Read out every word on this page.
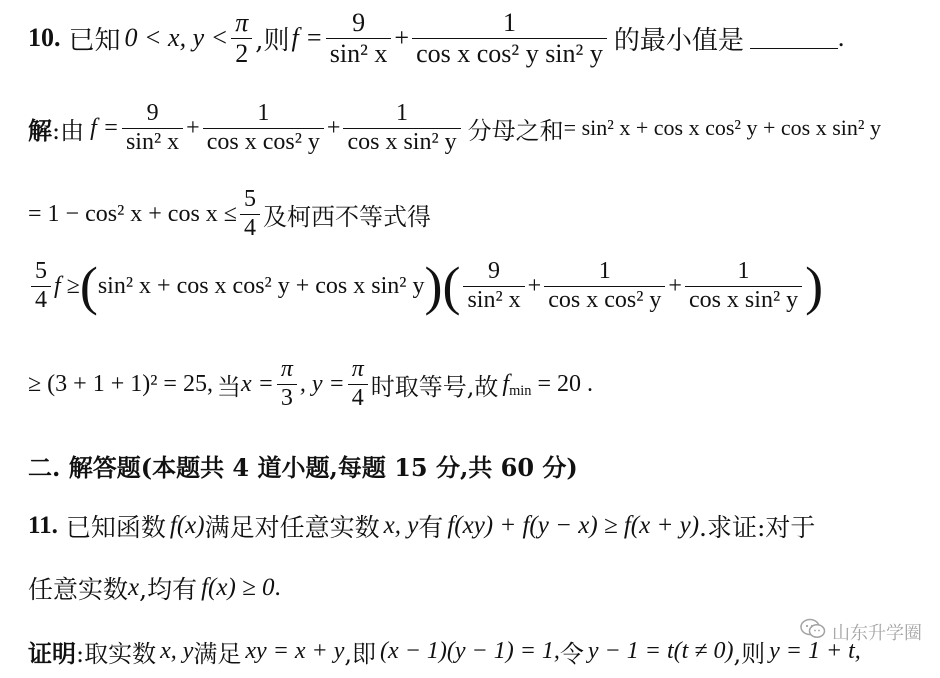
10. 已知 0 < x, $y < \frac{\pi}{2}$ ,则 $f = \frac{9}{\text{sin² x}} + \frac{1}{\text{cos x cos² y sin² y}}$ 的最小值是	.
解 :由 $f = \frac{9}{\text{sin² x}} + \frac{1}{\text{cos x cos² y}} + \frac{1}{\text{cos x sin² y}}$ 分母之和 = sin² x + cos x cos² y + cos x sin² y
= 1 − cos² $x + \cos x \le \frac{5}{4}$ 及柯西不等式得
$\frac{5}{4}$ f ≥ ( sin² x + cos x cos² y + cos x sin² y )( $\frac{9}{\text{sin² x}} + \frac{1}{\text{cos x cos² y}} + \frac{1}{\text{cos x sin² y}}$ )
≥ (3 + 1 + 1)² = 25, 当 $x = \frac{\pi}{3}$ , $y = \frac{\pi}{4}$ 时取等号,故 $f_{min} = 20$ .
二. 解答题 (本题共 4 道小题,每题 15 分,共 60 分)
11. 已知函数 f(x) 满足对任意实数 x, y 有 f(xy) + f(y − x) ≥ f(x + y) .求证:对于
任意实数 x ,均有 f(x) ≥ 0 .
证明 :取实数 x, y 满足 xy = x + y ,即 (x − 1)(y − 1) = 1, 令 y − 1 = t(t ≠ 0) ,则 y = 1 + t,
山东升学圈
